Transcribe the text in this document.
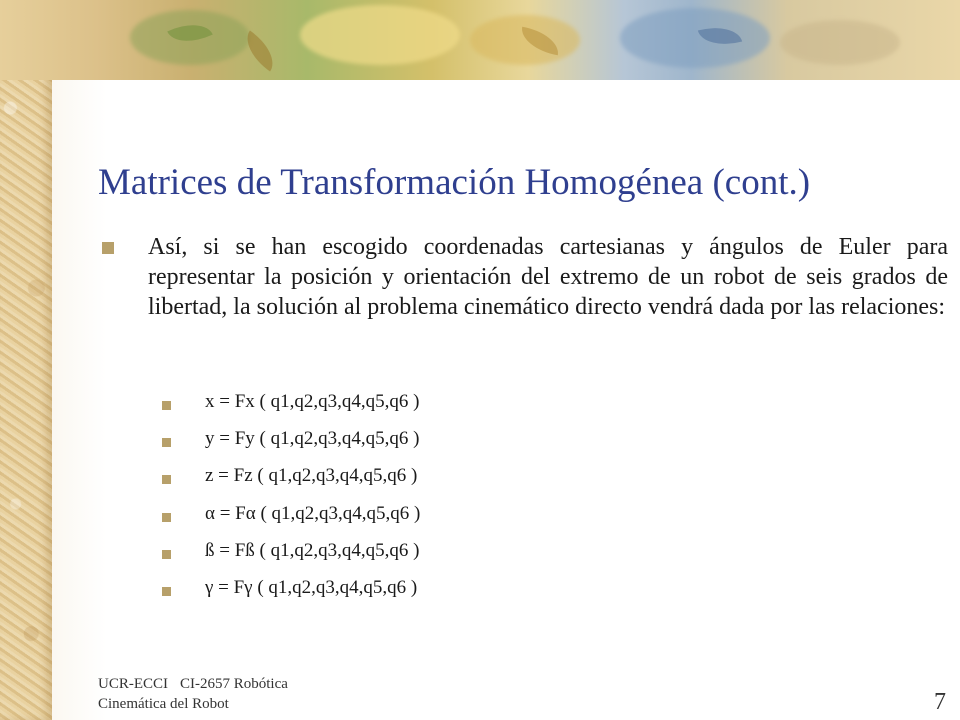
Matrices de Transformación Homogénea (cont.)

Así, si se han escogido coordenadas cartesianas y ángulos de Euler para representar la posición y orientación del extremo de un robot de seis grados de libertad, la solución al problema cinemático directo vendrá dada por las relaciones:

x = Fx ( q1,q2,q3,q4,q5,q6 )
y = Fy ( q1,q2,q3,q4,q5,q6 )
z = Fz ( q1,q2,q3,q4,q5,q6 )
α = Fα ( q1,q2,q3,q4,q5,q6 )
ß = Fß ( q1,q2,q3,q4,q5,q6 )
γ = Fγ ( q1,q2,q3,q4,q5,q6 )
UCR-ECCI CI-2657 Robótica
Cinemática del Robot	7
